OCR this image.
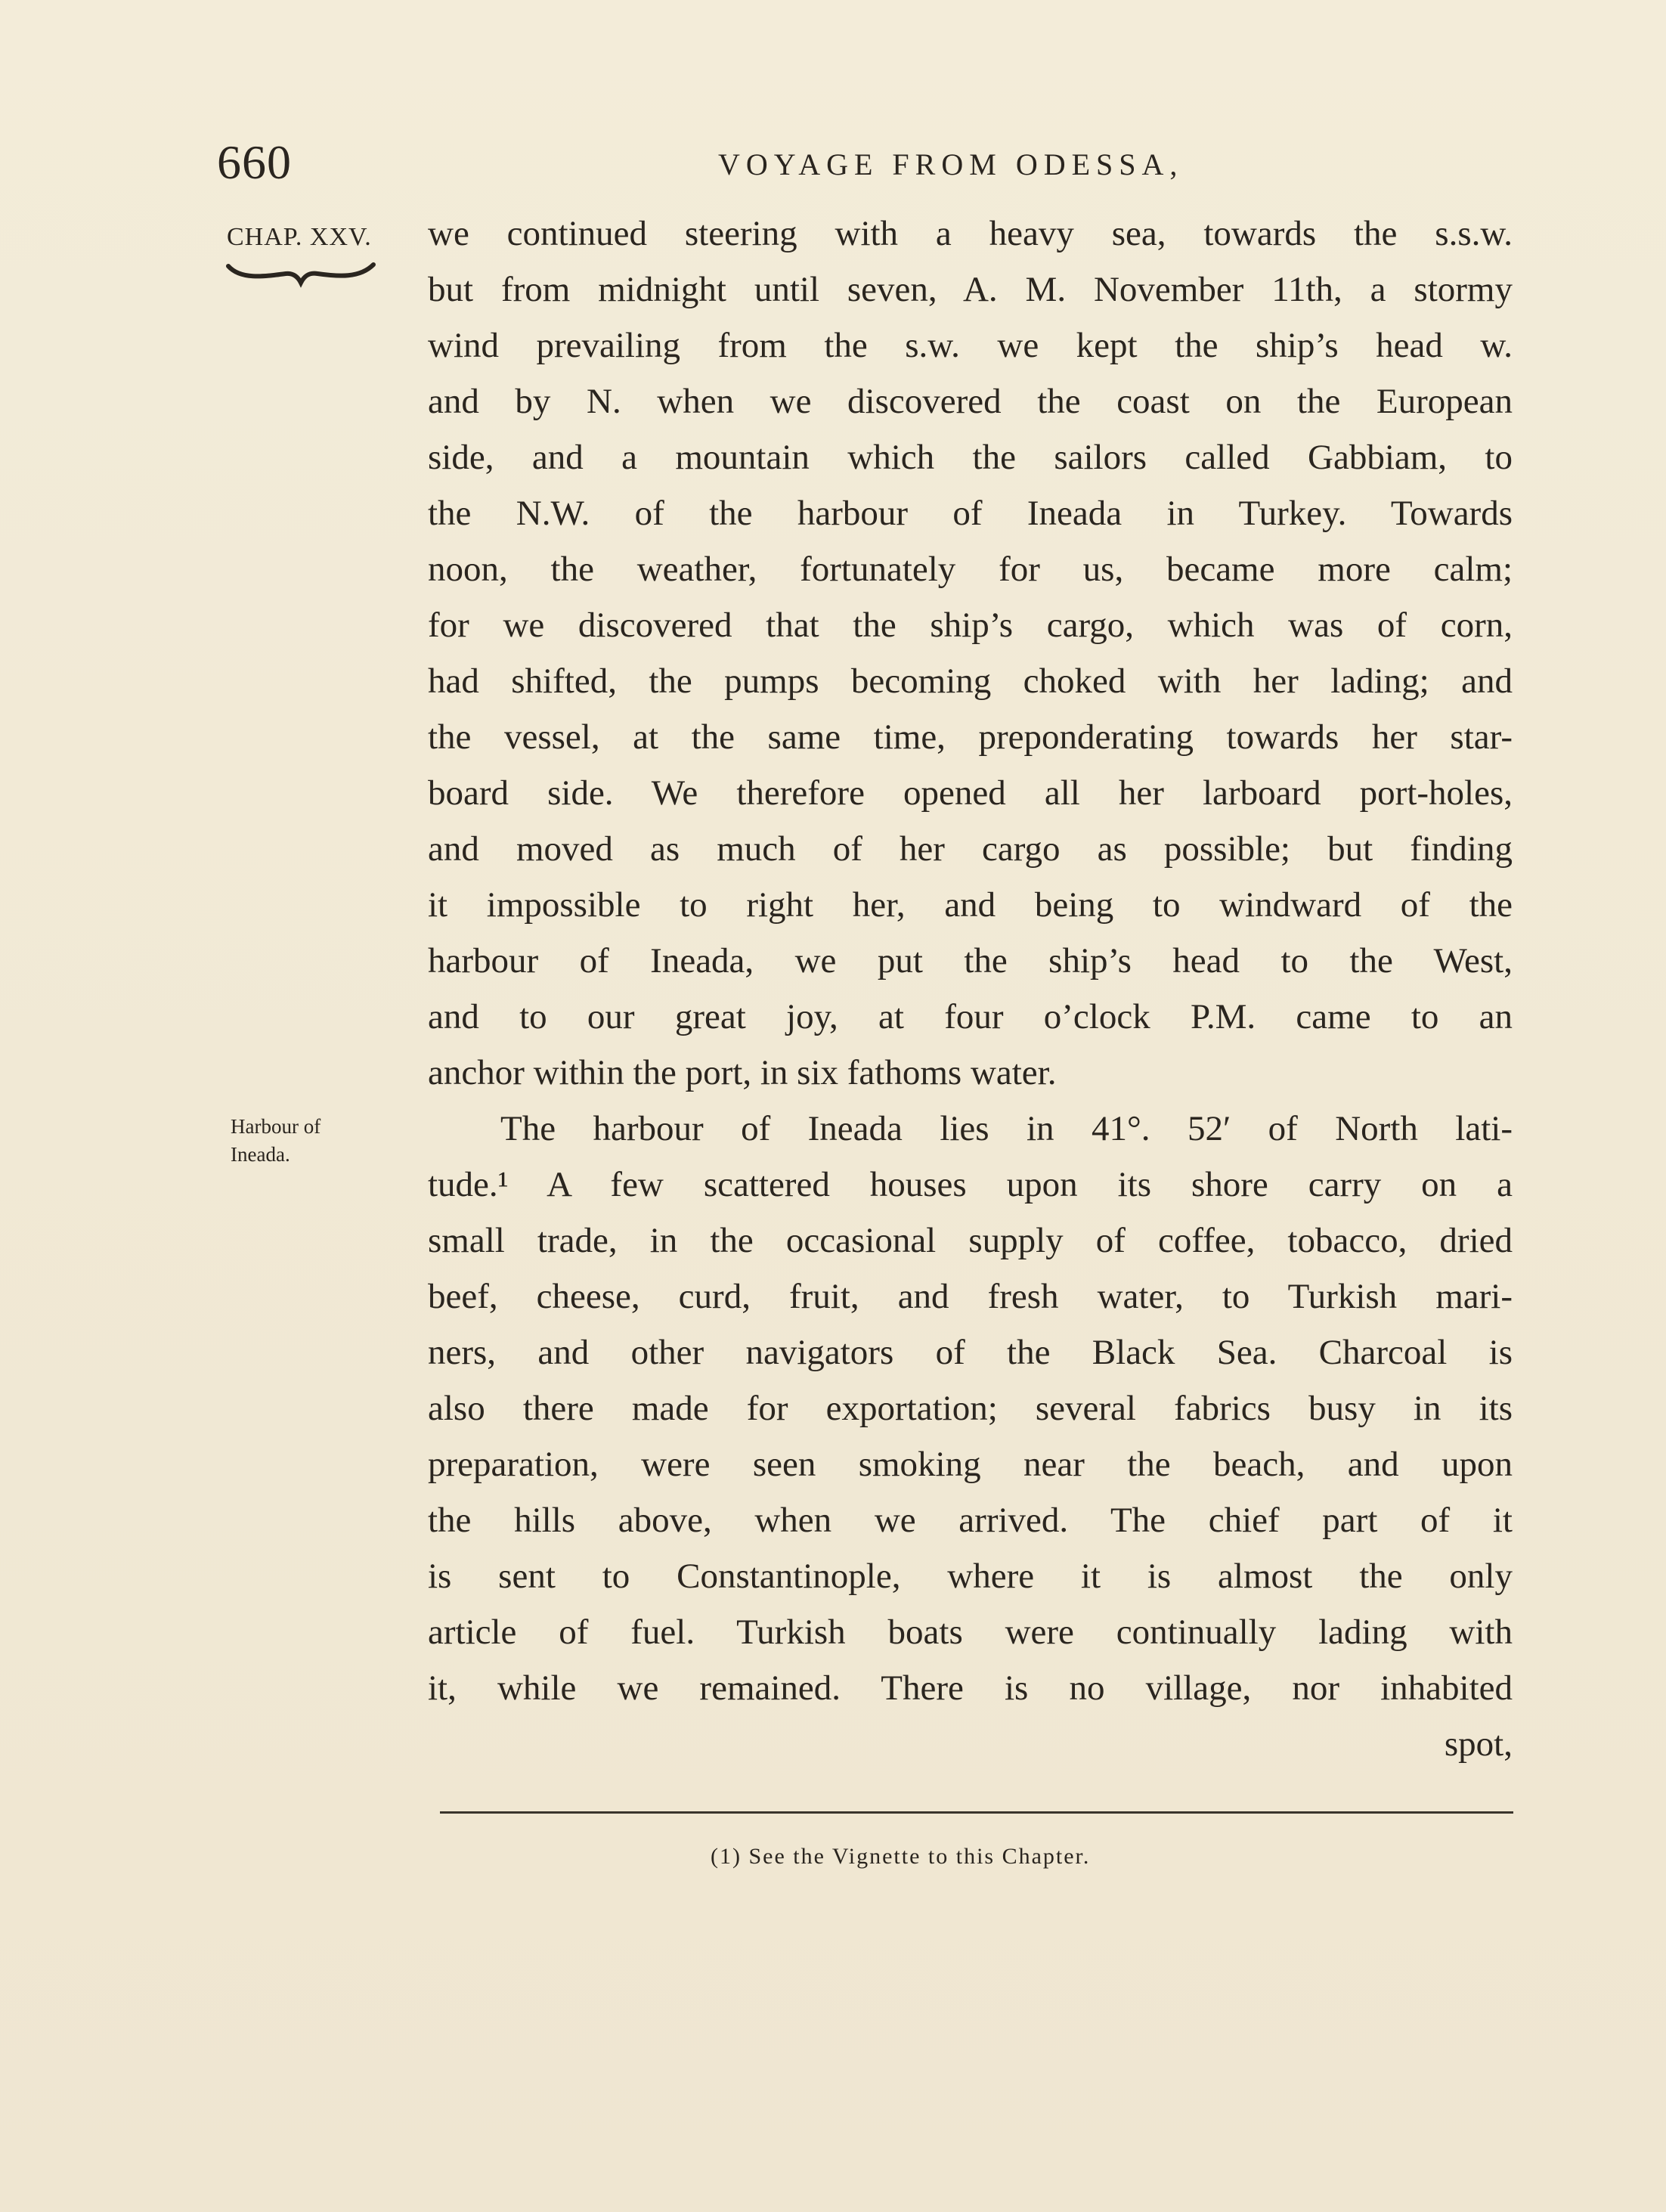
660	VOYAGE FROM ODESSA,
CHAP. XXV.
Harbour of
Ineada.
we continued steering with a heavy sea, towards the s.s.w.
but from midnight until seven, A. M. November 11th, a stormy
wind prevailing from the s.w. we kept the ship’s head w.
and by N. when we discovered the coast on the European
side, and a mountain which the sailors called Gabbiam, to
the N.W. of the harbour of Ineada in Turkey. Towards
noon, the weather, fortunately for us, became more calm;
for we discovered that the ship’s cargo, which was of corn,
had shifted, the pumps becoming choked with her lading; and
the vessel, at the same time, preponderating towards her star-
board side. We therefore opened all her larboard port-holes,
and moved as much of her cargo as possible; but finding
it impossible to right her, and being to windward of the
harbour of Ineada, we put the ship’s head to the West,
and to our great joy, at four o’clock P.M. came to an
anchor within the port, in six fathoms water.
The harbour of Ineada lies in 41°. 52′ of North lati-
tude.¹ A few scattered houses upon its shore carry on a
small trade, in the occasional supply of coffee, tobacco, dried
beef, cheese, curd, fruit, and fresh water, to Turkish mari-
ners, and other navigators of the Black Sea. Charcoal is
also there made for exportation; several fabrics busy in its
preparation, were seen smoking near the beach, and upon
the hills above, when we arrived. The chief part of it
is sent to Constantinople, where it is almost the only
article of fuel. Turkish boats were continually lading with
it, while we remained. There is no village, nor inhabited
spot,
(1) See the Vignette to this Chapter.
